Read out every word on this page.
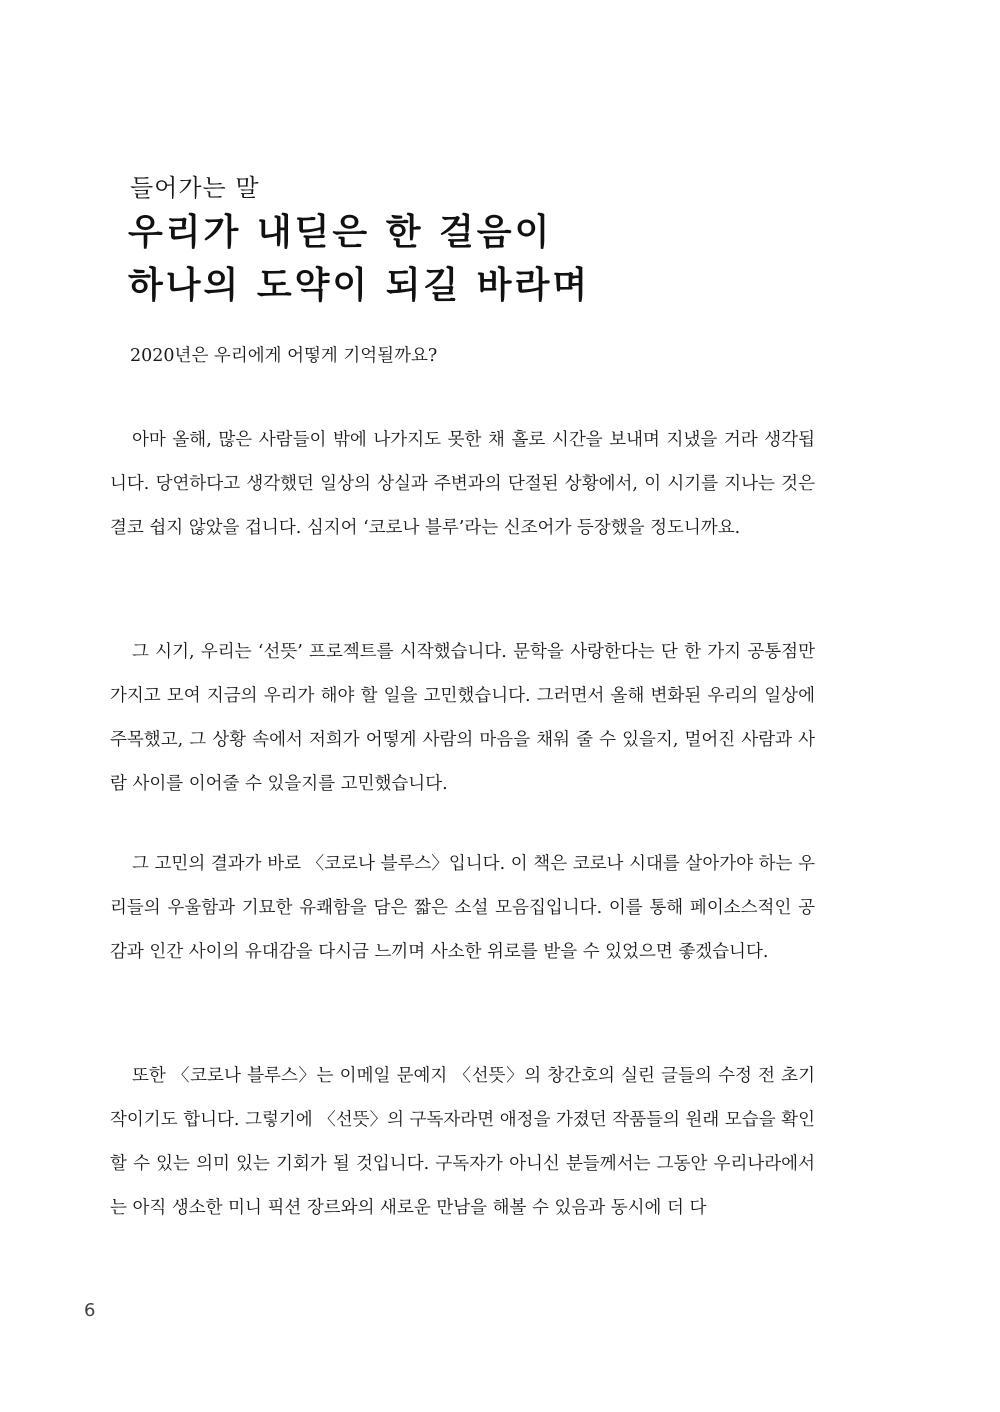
들어가는 말

우리가 내딛은 한 걸음이
하나의 도약이 되길 바라며

2020년은 우리에게 어떻게 기억될까요?

아마 올해, 많은 사람들이 밖에 나가지도 못한 채 홀로 시간을 보내며 지냈을 거라 생각됩니다. 당연하다고 생각했던 일상의 상실과 주변과의 단절된 상황에서, 이 시기를 지나는 것은 결코 쉽지 않았을 겁니다. 심지어 ‘코로나 블루’라는 신조어가 등장했을 정도니까요.

그 시기, 우리는 ‘선뜻’ 프로젝트를 시작했습니다. 문학을 사랑한다는 단 한 가지 공통점만 가지고 모여 지금의 우리가 해야 할 일을 고민했습니다. 그러면서 올해 변화된 우리의 일상에 주목했고, 그 상황 속에서 저희가 어떻게 사람의 마음을 채워 줄 수 있을지, 멀어진 사람과 사람 사이를 이어줄 수 있을지를 고민했습니다.

그 고민의 결과가 바로 〈코로나 블루스〉입니다. 이 책은 코로나 시대를 살아가야 하는 우리들의 우울함과 기묘한 유쾌함을 담은 짧은 소설 모음집입니다. 이를 통해 페이소스적인 공감과 인간 사이의 유대감을 다시금 느끼며 사소한 위로를 받을 수 있었으면 좋겠습니다.

또한 〈코로나 블루스〉는 이메일 문예지 〈선뜻〉의 창간호의 실린 글들의 수정 전 초기작이기도 합니다. 그렇기에 〈선뜻〉의 구독자라면 애정을 가졌던 작품들의 원래 모습을 확인할 수 있는 의미 있는 기회가 될 것입니다. 구독자가 아니신 분들께서는 그동안 우리나라에서는 아직 생소한 미니 픽션 장르와의 새로운 만남을 해볼 수 있음과 동시에 더 다

6
